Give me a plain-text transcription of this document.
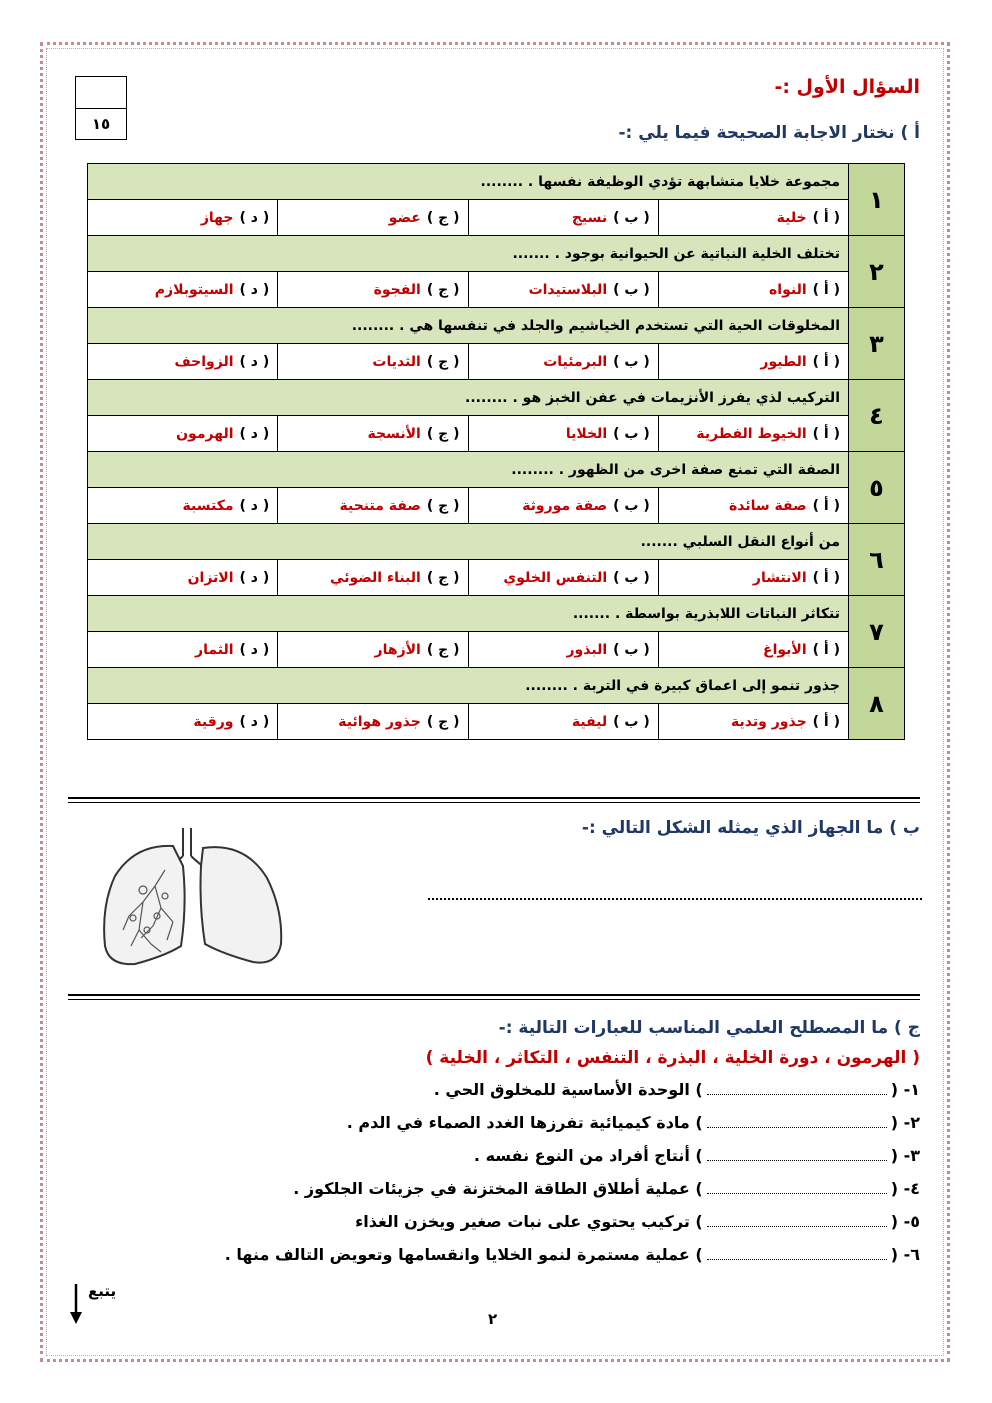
١٥
السؤال الأول :-
أ ) نختار الاجابة الصحيحة فيما يلي :-
١	مجموعة خلايا متشابهة تؤدي الوظيفة نفسها . ........			
	( أ )خلية	( ب )نسيج	( ج )عضو	( د )جهاز
٢	تختلف الخلية النباتية عن الحيوانية بوجود . .......			
	( أ )النواه	( ب )البلاستيدات	( ج )الفجوة	( د )السيتوبلازم
٣	المخلوقات الحية التي تستخدم الخياشيم والجلد في تنفسها هي . ........			
	( أ )الطيور	( ب )البرمئيات	( ج )الثديات	( د )الزواحف
٤	التركيب لذي يفرز الأنزيمات في عفن الخبز هو . ........			
	( أ )الخيوط الفطرية	( ب )الخلايا	( ج )الأنسجة	( د )الهرمون
٥	الصفة التي تمنع صفة اخرى من الظهور . ........			
	( أ )صفة سائدة	( ب )صفة موروثة	( ج )صفة متنحية	( د )مكتسبة
٦	من أنواع النقل السلبي .......			
	( أ )الانتشار	( ب )التنفس الخلوي	( ج )البناء الضوئي	( د )الاتزان
٧	تتكاثر النباتات اللابذرية بواسطة . .......			
	( أ )الأبواغ	( ب )البذور	( ج )الأزهار	( د )الثمار
٨	جذور تنمو إلى اعماق كبيرة في التربة . ........			
	( أ )جذور وتدية	( ب )ليفية	( ج )جذور هوائية	( د )ورقية
ب ) ما الجهاز الذي يمثله الشكل التالي :-
ج ) ما المصطلح العلمي المناسب للعبارات التالية :-
( الهرمون ، دورة الخلية ، البذرة ، التنفس ، التكاثر ، الخلية )
١- () الوحدة الأساسية للمخلوق الحي .
٢- () مادة كيميائية تفرزها الغدد الصماء في الدم .
٣- () أنتاج أفراد من النوع نفسه .
٤- () عملية أطلاق الطاقة المختزنة في جزيئات الجلكوز .
٥- () تركيب يحتوي على نبات صغير ويخزن الغذاء
٦- () عملية مستمرة لنمو الخلايا وانقسامها وتعويض التالف منها .
يتبع
٢
